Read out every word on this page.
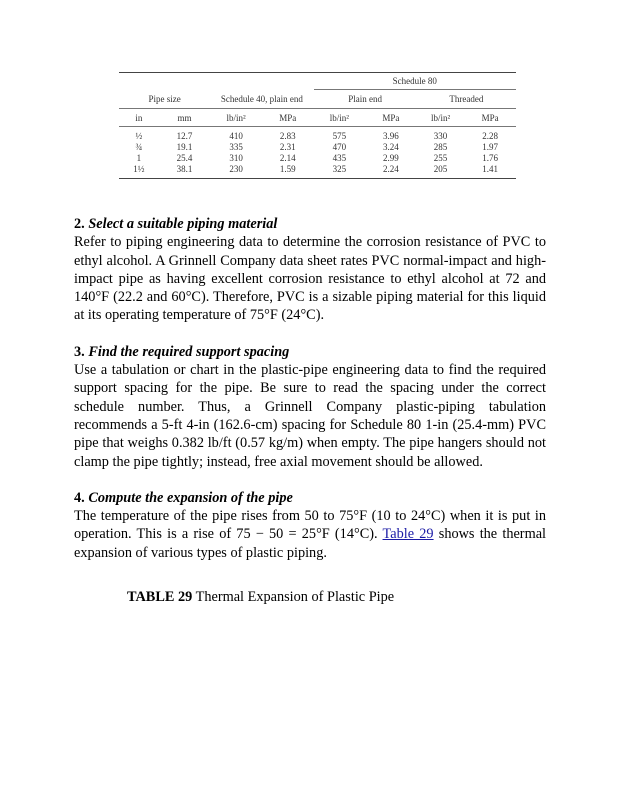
				Schedule 80			
Pipe size		Schedule 40, plain end		Plain end		Threaded	
in	mm	lb/in²	MPa	lb/in²	MPa	lb/in²	MPa
½	12.7	410	2.83	575	3.96	330	2.28
¾	19.1	335	2.31	470	3.24	285	1.97
1	25.4	310	2.14	435	2.99	255	1.76
1½	38.1	230	1.59	325	2.24	205	1.41

2. Select a suitable piping material

Refer to piping engineering data to determine the corrosion resistance of PVC to ethyl alcohol. A Grinnell Company data sheet rates PVC normal-impact and high-impact pipe as having excellent corrosion resistance to ethyl alcohol at 72 and 140°F (22.2 and 60°C). Therefore, PVC is a sizable piping material for this liquid at its operating temperature of 75°F (24°C).

3. Find the required support spacing

Use a tabulation or chart in the plastic-pipe engineering data to find the required support spacing for the pipe. Be sure to read the spacing under the correct schedule number. Thus, a Grinnell Company plastic-piping tabulation recommends a 5-ft 4-in (162.6-cm) spacing for Schedule 80 1-in (25.4-mm) PVC pipe that weighs 0.382 lb/ft (0.57 kg/m) when empty. The pipe hangers should not clamp the pipe tightly; instead, free axial movement should be allowed.

4. Compute the expansion of the pipe

The temperature of the pipe rises from 50 to 75°F (10 to 24°C) when it is put in operation. This is a rise of 75 − 50 = 25°F (14°C). Table 29 shows the thermal expansion of various types of plastic piping.

TABLE 29 Thermal Expansion of Plastic Pipe
